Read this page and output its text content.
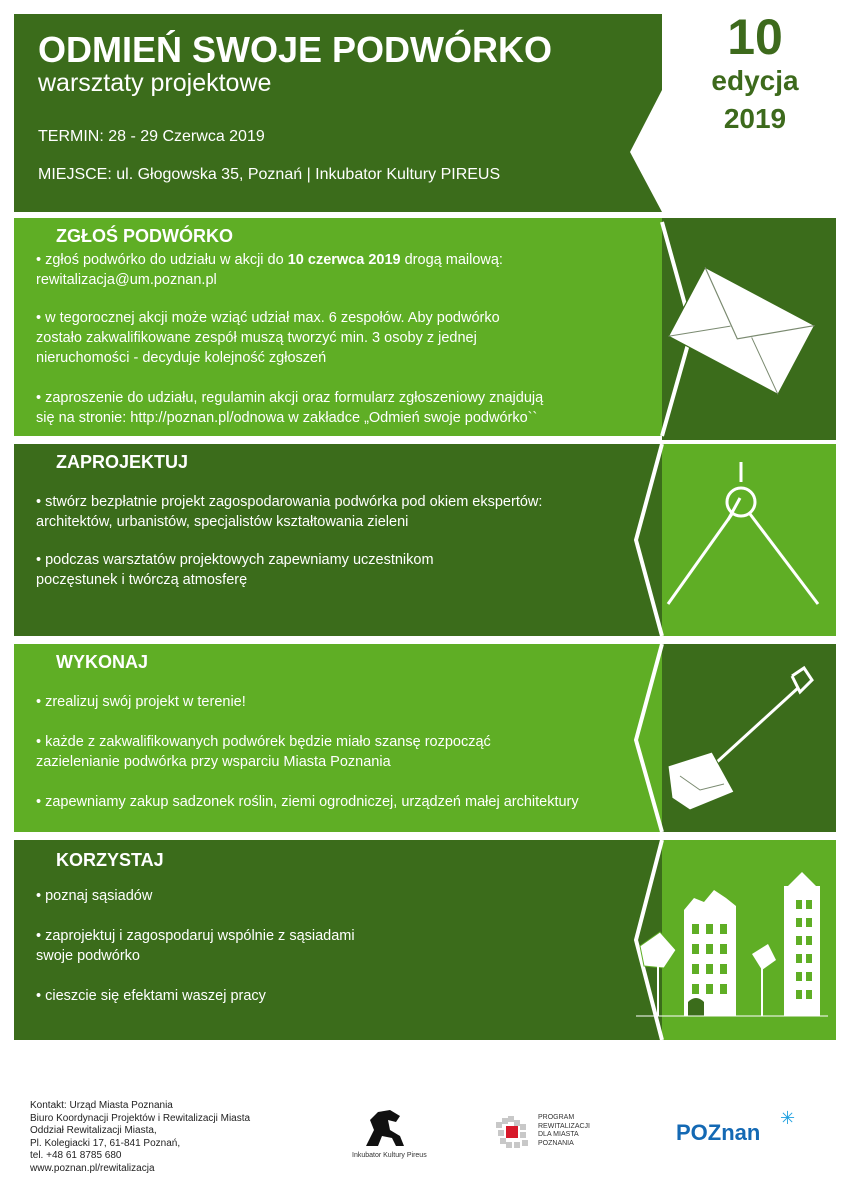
ODMIEŃ SWOJE PODWÓRKO
warsztaty projektowe
TERMIN: 28 - 29 Czerwca 2019
MIEJSCE: ul. Głogowska 35, Poznań | Inkubator Kultury PIREUS
10
edycja
2019
ZGŁOŚ PODWÓRKO
• zgłoś podwórko do udziału w akcji do 10 czerwca 2019 drogą mailową:
rewitalizacja@um.poznan.pl
• w tegorocznej akcji może wziąć udział max. 6 zespołów. Aby podwórko
zostało zakwalifikowane zespół muszą tworzyć min. 3 osoby z jednej
nieruchomości - decyduje kolejność zgłoszeń
• zaproszenie do udziału, regulamin akcji oraz formularz zgłoszeniowy znajdują
się na stronie: http://poznan.pl/odnowa w zakładce „Odmień swoje podwórko``
ZAPROJEKTUJ
• stwórz bezpłatnie projekt zagospodarowania podwórka pod okiem ekspertów:
architektów, urbanistów, specjalistów kształtowania zieleni
• podczas warsztatów projektowych zapewniamy uczestnikom
poczęstunek i twórczą atmosferę
WYKONAJ
• zrealizuj swój projekt w terenie!
• każde z zakwalifikowanych podwórek będzie miało szansę rozpocząć
zazielenianie podwórka przy wsparciu Miasta Poznania
• zapewniamy zakup sadzonek roślin, ziemi ogrodniczej, urządzeń małej architektury
KORZYSTAJ
• poznaj sąsiadów
• zaprojektuj i zagospodaruj wspólnie z sąsiadami
swoje podwórko
• cieszcie się efektami waszej pracy
Kontakt: Urząd Miasta Poznania
Biuro Koordynacji Projektów i Rewitalizacji Miasta
Oddział Rewitalizacji Miasta,
Pl. Kolegiacki 17, 61-841 Poznań,
tel. +48 61 8785 680
www.poznan.pl/rewitalizacja
Inkubator Kultury Pireus
PROGRAM
REWITALIZACJI
DLA MIASTA
POZNANIA	POZnan
✳
